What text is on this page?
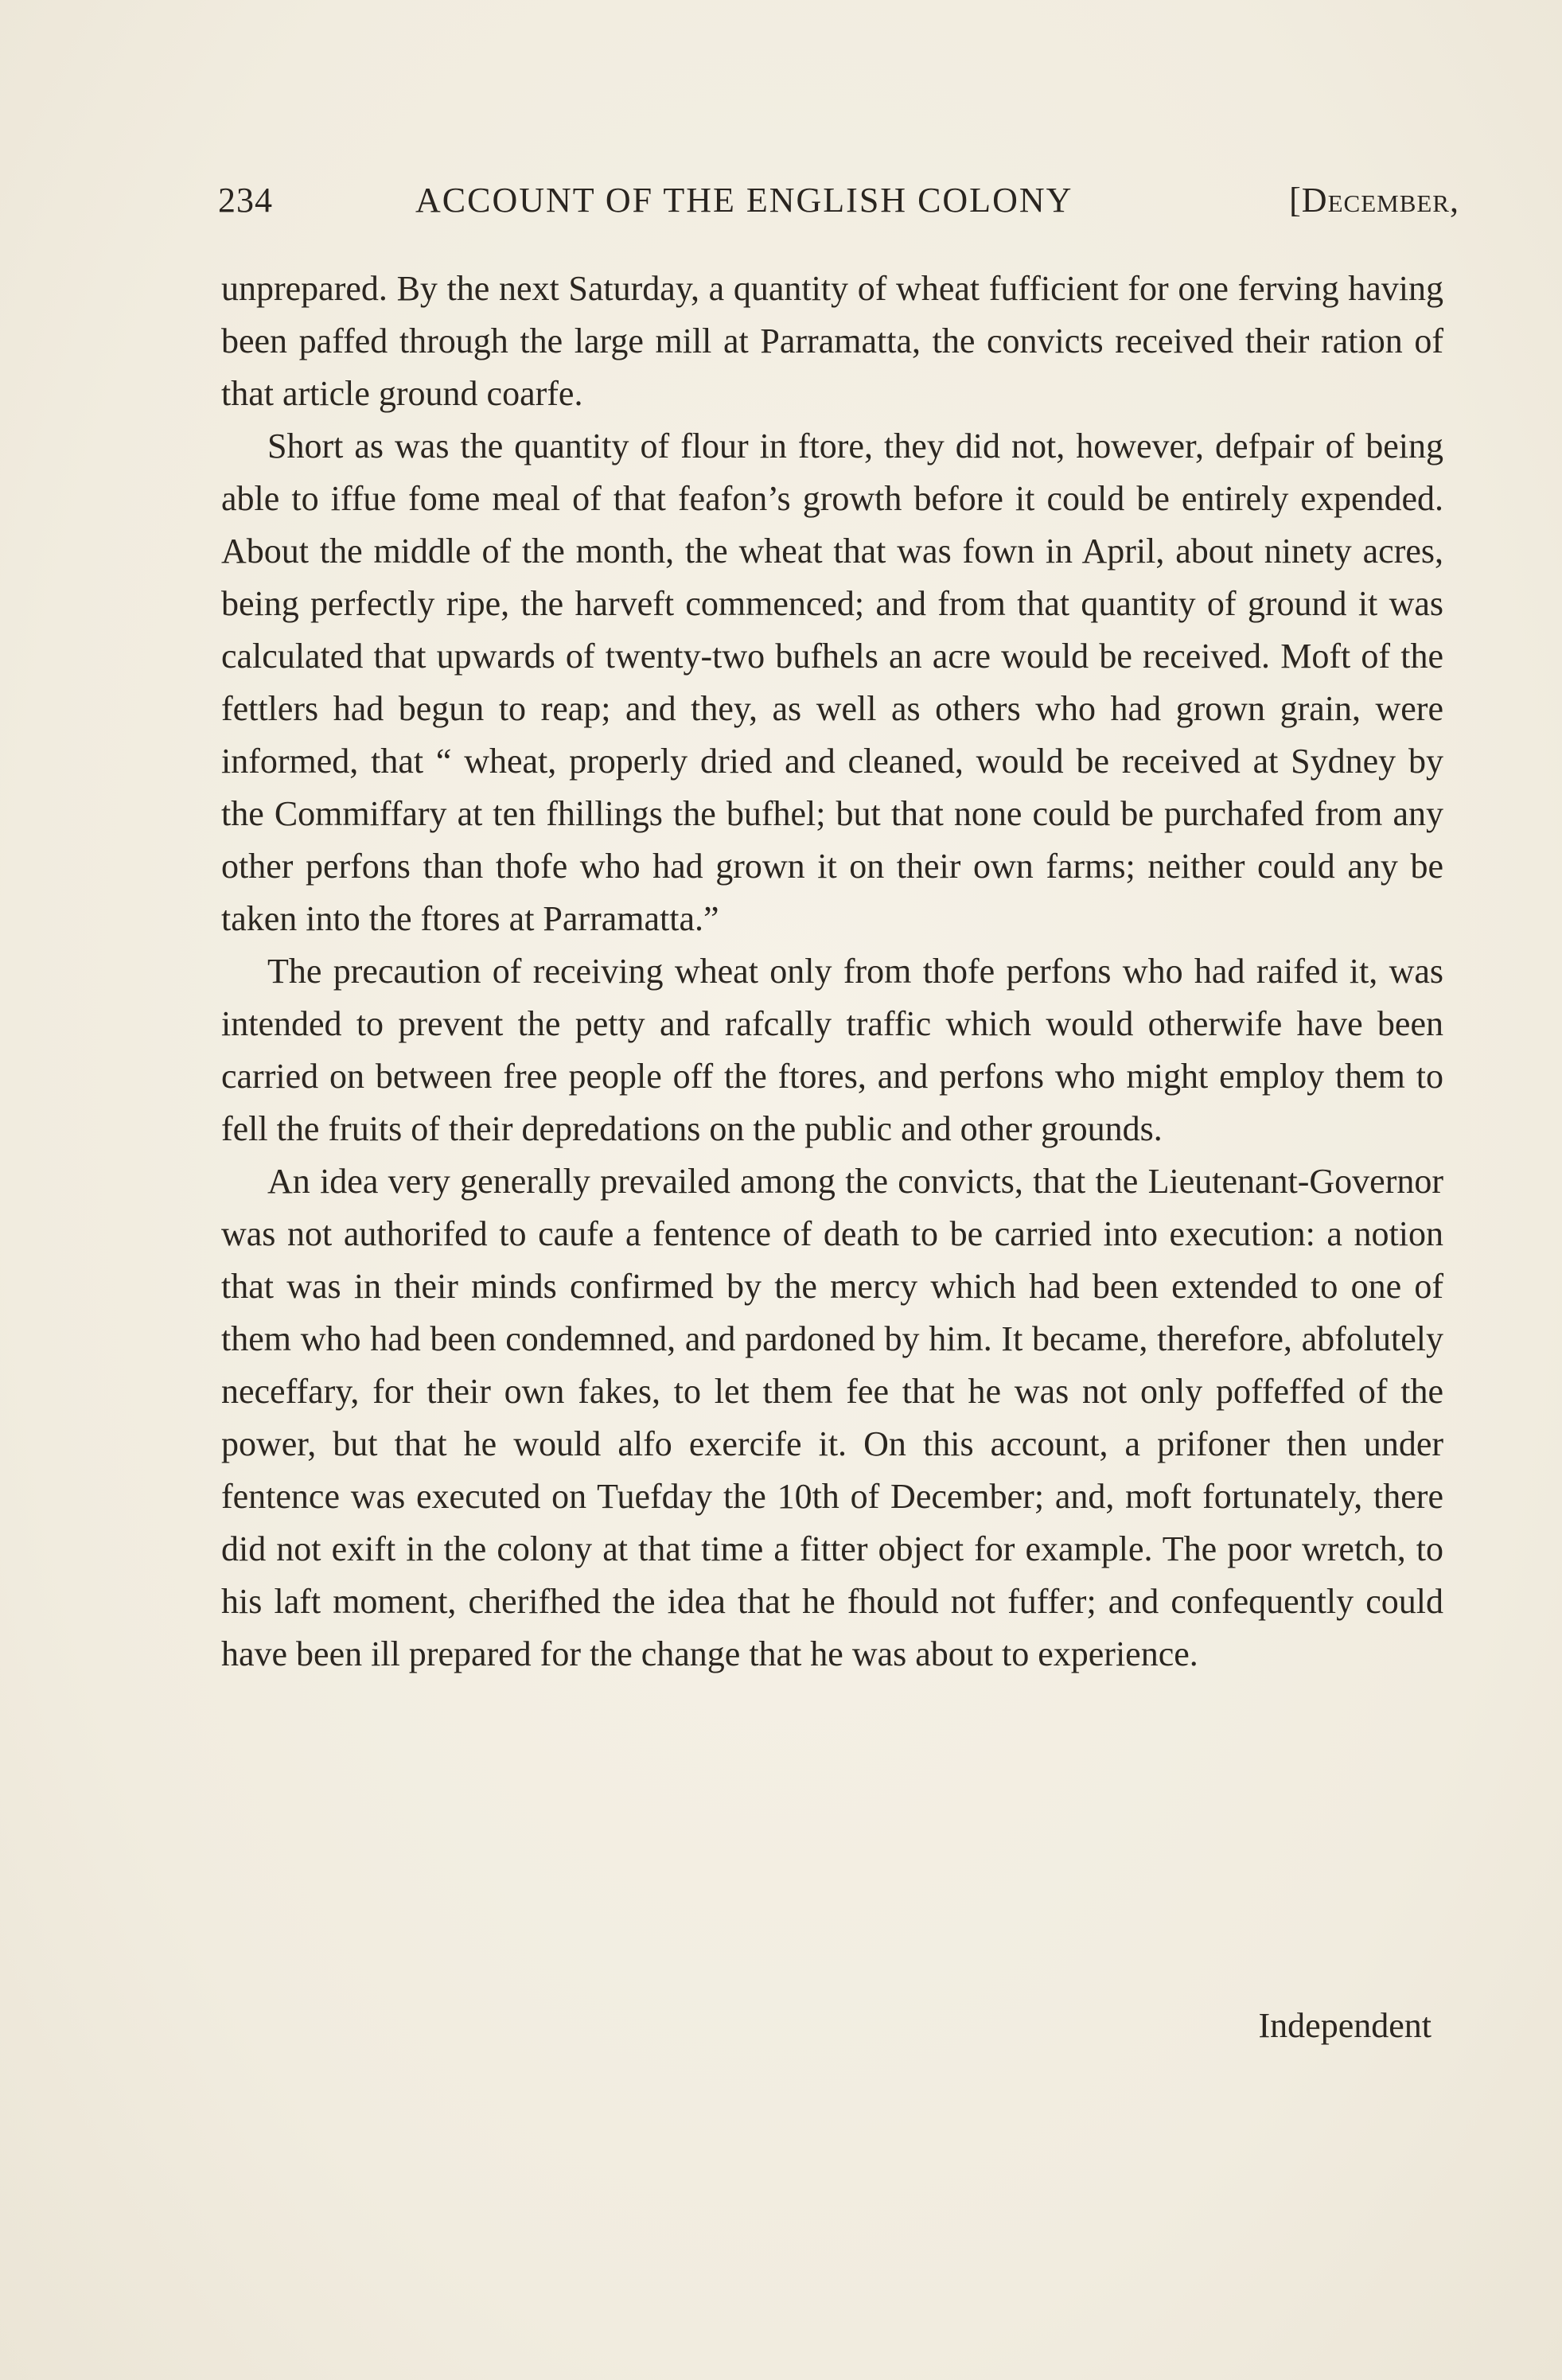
234	ACCOUNT OF THE ENGLISH COLONY	[December,

unprepared. By the next Saturday, a quantity of wheat fufficient for one ferving having been paffed through the large mill at Parramatta, the convicts received their ration of that article ground coarfe.

Short as was the quantity of flour in ftore, they did not, however, defpair of being able to iffue fome meal of that feafon’s growth before it could be entirely expended. About the middle of the month, the wheat that was fown in April, about ninety acres, being perfectly ripe, the harveft commenced; and from that quantity of ground it was calculated that upwards of twenty-two bufhels an acre would be received. Moft of the fettlers had begun to reap; and they, as well as others who had grown grain, were informed, that “ wheat, properly dried and cleaned, would be received at Sydney by the Commiffary at ten fhillings the bufhel; but that none could be purchafed from any other perfons than thofe who had grown it on their own farms; neither could any be taken into the ftores at Parramatta.”

The precaution of receiving wheat only from thofe perfons who had raifed it, was intended to prevent the petty and rafcally traffic which would otherwife have been carried on between free people off the ftores, and perfons who might employ them to fell the fruits of their depredations on the public and other grounds.

An idea very generally prevailed among the convicts, that the Lieutenant-Governor was not authorifed to caufe a fentence of death to be carried into execution: a notion that was in their minds confirmed by the mercy which had been extended to one of them who had been condemned, and pardoned by him. It became, therefore, abfolutely neceffary, for their own fakes, to let them fee that he was not only poffeffed of the power, but that he would alfo exercife it. On this account, a prifoner then under fentence was executed on Tuefday the 10th of December; and, moft fortunately, there did not exift in the colony at that time a fitter object for example. The poor wretch, to his laft moment, cherifhed the idea that he fhould not fuffer; and confequently could have been ill prepared for the change that he was about to experience.

Independent
